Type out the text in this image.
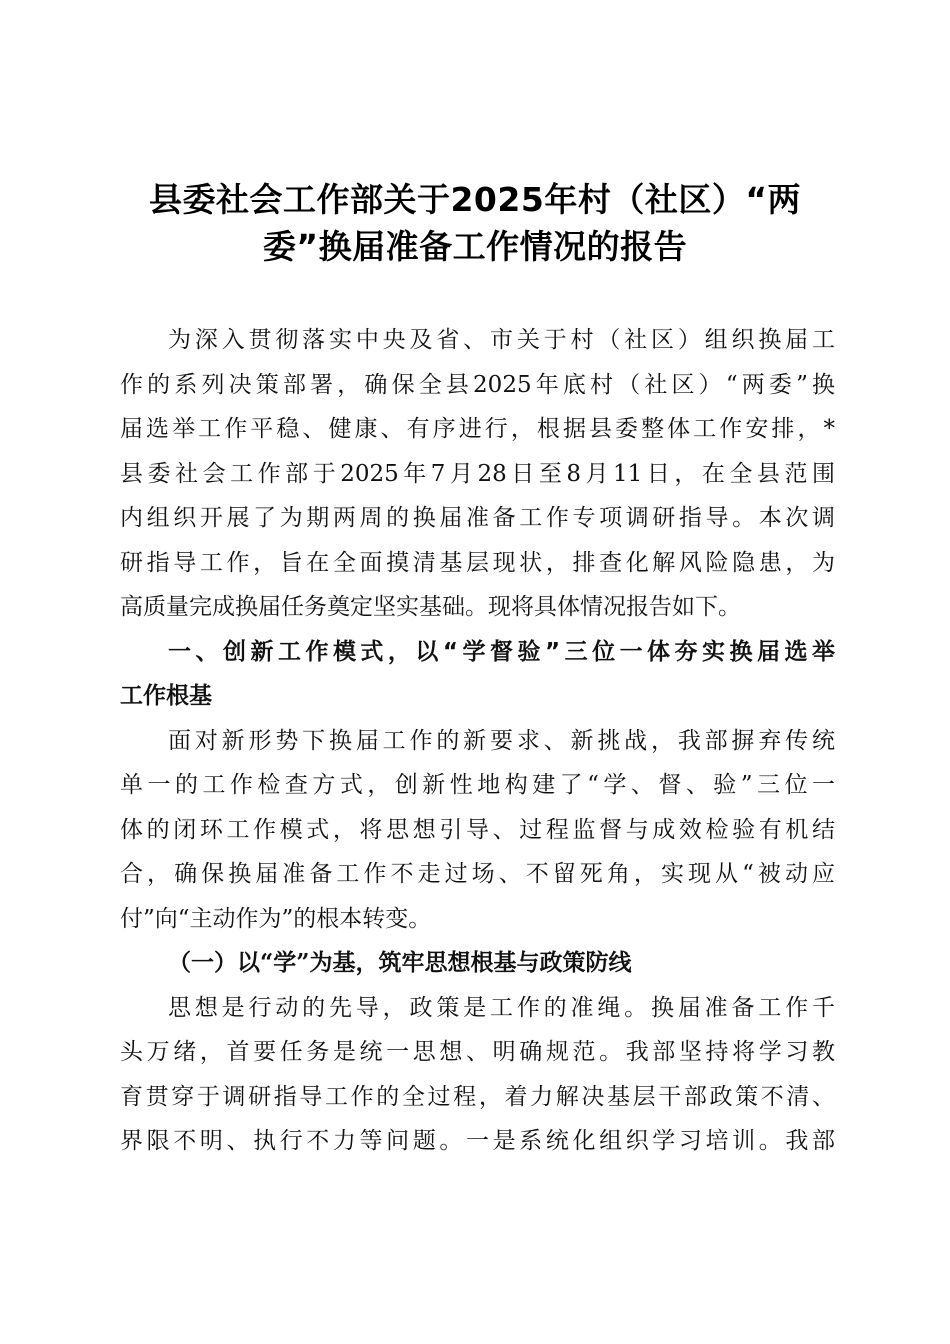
县委社会工作部关于2025年村（社区）“两
委”换届准备工作情况的报告
为深入贯彻落实中央及省、市关于村（社区）组织换届工
作的系列决策部署，确保全县2025年底村（社区）“两委”换
届选举工作平稳、健康、有序进行，根据县委整体工作安排，*
县委社会工作部于2025年7月28日至8月11日，在全县范围
内组织开展了为期两周的换届准备工作专项调研指导。本次调
研指导工作，旨在全面摸清基层现状，排查化解风险隐患，为
高质量完成换届任务奠定坚实基础。现将具体情况报告如下。
一、创新工作模式，以“学督验”三位一体夯实换届选举
工作根基
面对新形势下换届工作的新要求、新挑战，我部摒弃传统
单一的工作检查方式，创新性地构建了“学、督、验”三位一
体的闭环工作模式，将思想引导、过程监督与成效检验有机结
合，确保换届准备工作不走过场、不留死角，实现从“被动应
付”向“主动作为”的根本转变。
（一）以“学”为基，筑牢思想根基与政策防线
思想是行动的先导，政策是工作的准绳。换届准备工作千
头万绪，首要任务是统一思想、明确规范。我部坚持将学习教
育贯穿于调研指导工作的全过程，着力解决基层干部政策不清、
界限不明、执行不力等问题。一是系统化组织学习培训。我部
